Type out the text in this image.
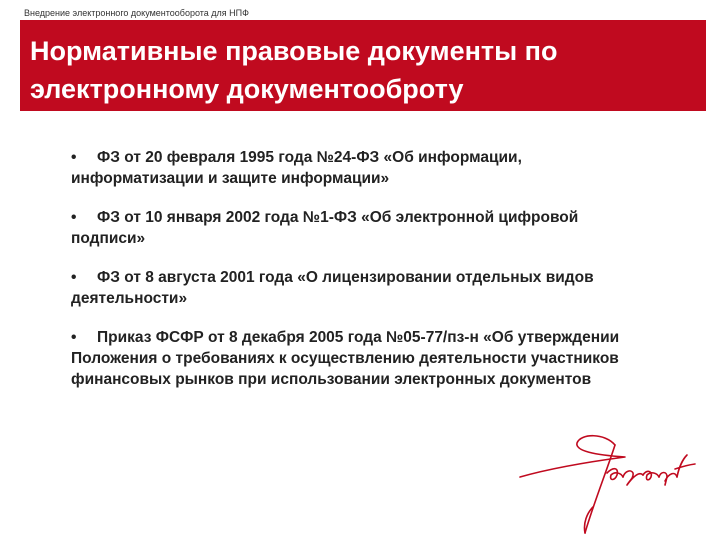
Внедрение электронного документооборота для НПФ
Нормативные правовые документы по
электронному документооброту
• ФЗ от 20 февраля 1995 года №24-ФЗ «Об информации,
информатизации и защите информации»
• ФЗ от 10 января 2002 года №1-ФЗ «Об электронной цифровой
подписи»
• ФЗ от 8 августа 2001 года «О лицензировании отдельных видов
деятельности»
• Приказ ФСФР от 8 декабря 2005 года №05-77/пз-н «Об утверждении
Положения о требованиях к осуществлению деятельности участников
финансовых рынков при использовании электронных документов
